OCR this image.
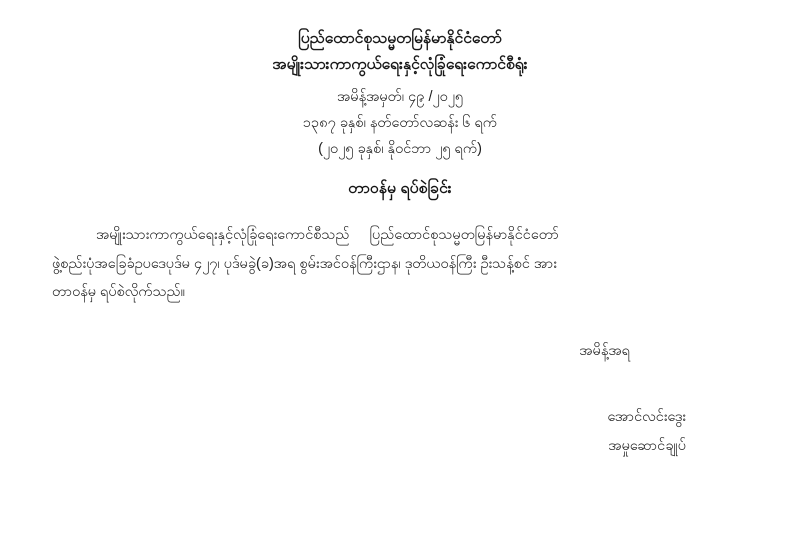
ပြည်ထောင်စုသမ္မတမြန်မာနိုင်ငံတော်
အမျိုးသားကာကွယ်ရေးနှင့်လုံခြုံရေးကောင်စီရုံး
အမိန့်အမှတ်၊ ၄၉ /၂၀၂၅
၁၃၈၇ ခုနှစ်၊ နတ်တော်လဆန်း ၆ ရက်
(၂၀၂၅ ခုနှစ်၊ နိုဝင်ဘာ ၂၅ ရက်)
တာဝန်မှ ရပ်စဲခြင်း
အမျိုးသားကာကွယ်ရေးနှင့်လုံခြုံရေးကောင်စီသည်     ပြည်ထောင်စုသမ္မတမြန်မာနိုင်ငံတော်
ဖွဲ့စည်းပုံအခြေခံဥပဒေပုဒ်မ ၄၂၇၊ ပုဒ်မခွဲ(ခ)အရ စွမ်းအင်ဝန်ကြီးဌာန၊ ဒုတိယဝန်ကြီး ဦးသန့်စင် အား
တာဝန်မှ ရပ်စဲလိုက်သည်။
အမိန့်အရ
အောင်လင်းဒွေး
အမှုဆောင်ချုပ်
